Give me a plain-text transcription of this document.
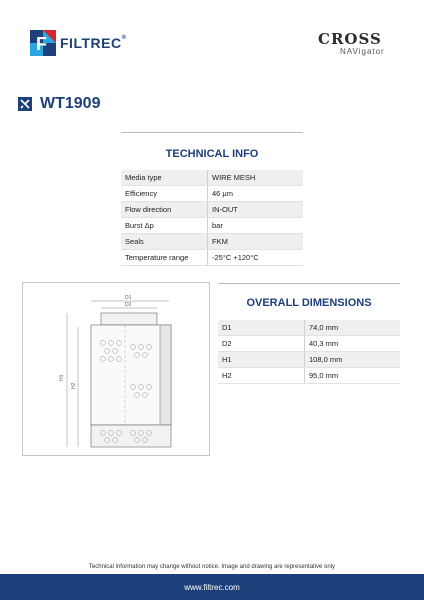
F FILTREC®	CROSS
NAVigator
WT1909
TECHNICAL INFO
Media type	WIRE MESH
Efficiency	46 μm
Flow direction	IN-OUT
Burst Δp	bar
Seals	FKM
Temperature range	-25°C +120°C
D1
D2
H1
H2
OVERALL DIMENSIONS
D1	74,0 mm
D2	40,3 mm
H1	108,0 mm
H2	95,0 mm
Technical information may change without notice. Image and drawing are representative only
www.filtrec.com
